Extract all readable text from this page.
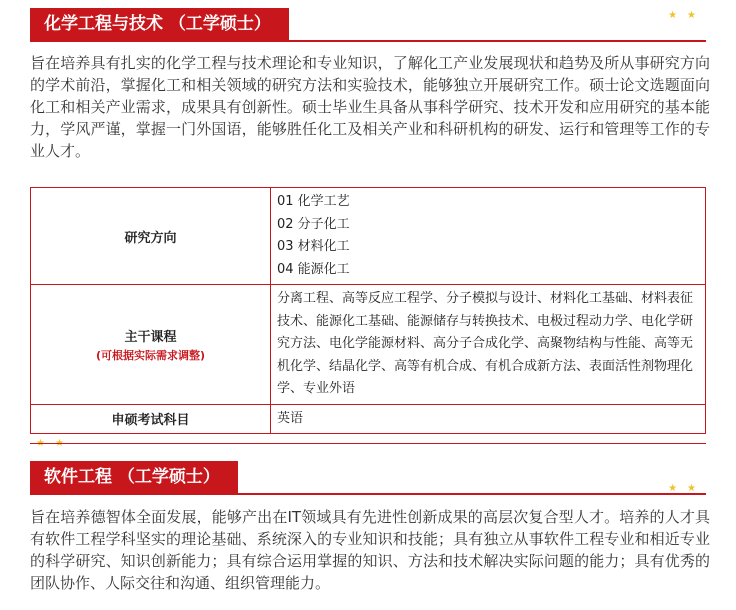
化学工程与技术 （工学硕士）	★★
旨在培养具有扎实的化学工程与技术理论和专业知识，了解化工产业发展现状和趋势及所从事研究方向的学术前沿，掌握化工和相关领域的研究方法和实验技术，能够独立开展研究工作。硕士论文选题面向化工和相关产业需求，成果具有创新性。硕士毕业生具备从事科学研究、技术开发和应用研究的基本能力，学风严谨，掌握一门外国语，能够胜任化工及相关产业和科研机构的研发、运行和管理等工作的专业人才。
研究方向	01 化学工艺
02 分子化工
03 材料化工
04 能源化工

主干课程
(可根据实际需求调整)	分离工程、高等反应工程学、分子模拟与设计、材料化工基础、材料表征技术、能源化工基础、能源储存与转换技术、电极过程动力学、电化学研究方法、电化学能源材料、高分子合成化学、高聚物结构与性能、高等无机化学、结晶化学、高等有机合成、有机合成新方法、表面活性剂物理化学、专业外语
申硕考试科目	英语
软件工程 （工学硕士）
★★
旨在培养德智体全面发展，能够产出在IT领域具有先进性创新成果的高层次复合型人才。培养的人才具有软件工程学科坚实的理论基础、系统深入的专业知识和技能；具有独立从事软件工程专业和相近专业的科学研究、知识创新能力；具有综合运用掌握的知识、方法和技术解决实际问题的能力；具有优秀的团队协作、人际交往和沟通、组织管理能力。
